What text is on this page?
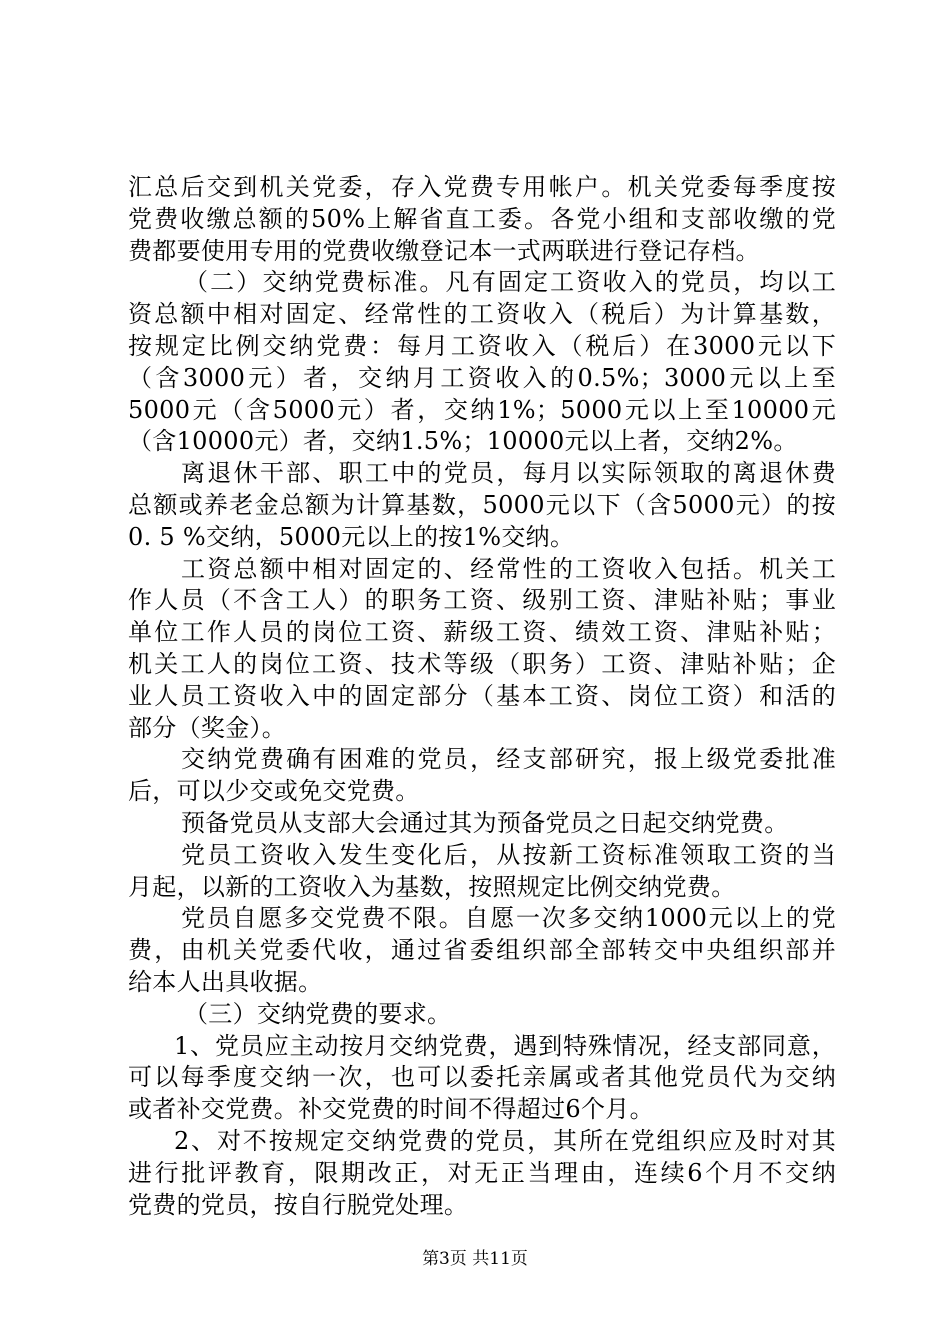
汇总后交到机关党委，存入党费专用帐户。机关党委每季度按
党费收缴总额的50%上解省直工委。各党小组和支部收缴的党
费都要使用专用的党费收缴登记本一式两联进行登记存档。
（二）交纳党费标准。凡有固定工资收入的党员，均以工
资总额中相对固定、经常性的工资收入（税后）为计算基数，
按规定比例交纳党费：每月工资收入（税后）在3000元以下
（含3000元）者，交纳月工资收入的0.5%；3000元以上至
5000元（含5000元）者，交纳1%；5000元以上至10000元
（含10000元）者，交纳1.5%；10000元以上者，交纳2%。
离退休干部、职工中的党员，每月以实际领取的离退休费
总额或养老金总额为计算基数，5000元以下（含5000元）的按
0. 5 %交纳，5000元以上的按1%交纳。
工资总额中相对固定的、经常性的工资收入包括。机关工
作人员（不含工人）的职务工资、级别工资、津贴补贴；事业
单位工作人员的岗位工资、薪级工资、绩效工资、津贴补贴；
机关工人的岗位工资、技术等级（职务）工资、津贴补贴；企
业人员工资收入中的固定部分（基本工资、岗位工资）和活的
部分（奖金）。
交纳党费确有困难的党员，经支部研究，报上级党委批准
后，可以少交或免交党费。
预备党员从支部大会通过其为预备党员之日起交纳党费。
党员工资收入发生变化后，从按新工资标准领取工资的当
月起，以新的工资收入为基数，按照规定比例交纳党费。
党员自愿多交党费不限。自愿一次多交纳1000元以上的党
费，由机关党委代收，通过省委组织部全部转交中央组织部并
给本人出具收据。
（三）交纳党费的要求。
1、党员应主动按月交纳党费，遇到特殊情况，经支部同意，
可以每季度交纳一次，也可以委托亲属或者其他党员代为交纳
或者补交党费。补交党费的时间不得超过6个月。
2、对不按规定交纳党费的党员，其所在党组织应及时对其
进行批评教育，限期改正，对无正当理由，连续6个月不交纳
党费的党员，按自行脱党处理。
第3页 共11页
